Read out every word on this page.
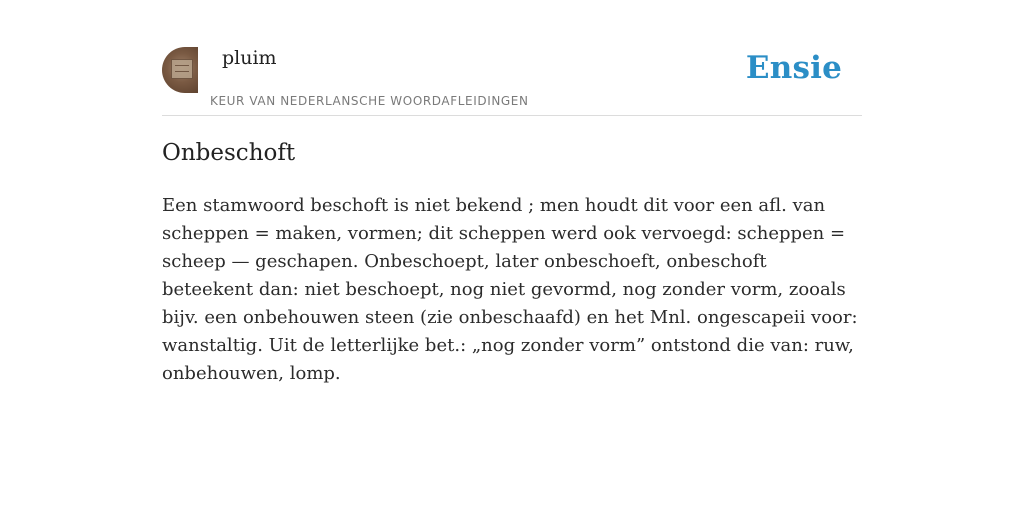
pluim
KEUR VAN NEDERLANSCHE WOORDAFLEIDINGEN
Ensie
Onbeschoft

Een stamwoord beschoft is niet bekend ; men houdt dit voor een afl. van scheppen = maken, vormen; dit scheppen werd ook vervoegd: scheppen = scheep — geschapen. Onbeschoept, later onbeschoeft, onbeschoft beteekent dan: niet beschoept, nog niet gevormd, nog zonder vorm, zooals bijv. een onbehouwen steen (zie onbeschaafd) en het Mnl. ongescapeii voor: wanstaltig. Uit de letterlijke bet.: „nog zonder vorm” ontstond die van: ruw, onbehouwen, lomp.
